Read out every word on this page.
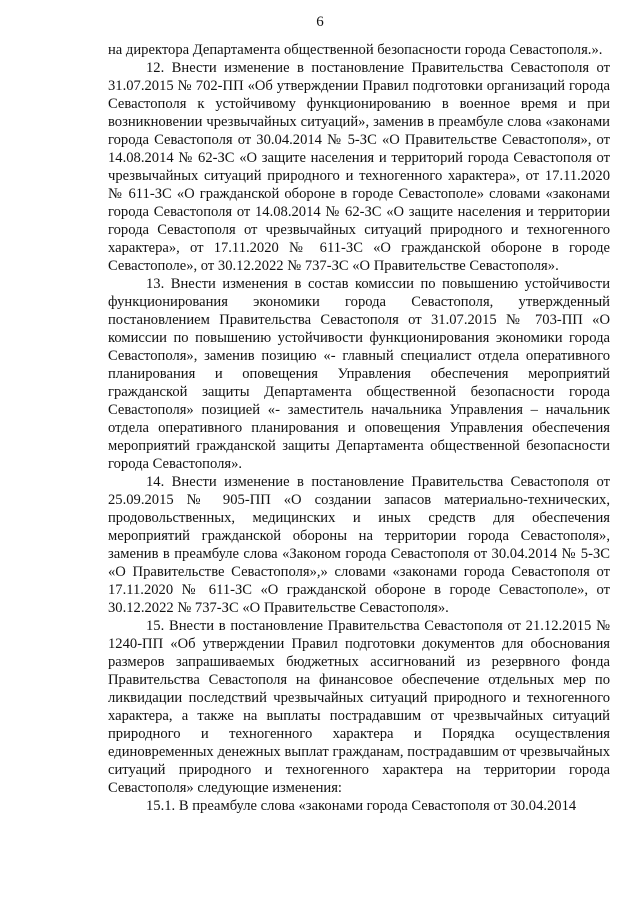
6

на директора Департамента общественной безопасности города Севастополя.».

12. Внести изменение в постановление Правительства Севастополя от 31.07.2015 № 702-ПП «Об утверждении Правил подготовки организаций города Севастополя к устойчивому функционированию в военное время и при возникновении чрезвычайных ситуаций», заменив в преамбуле слова «законами города Севастополя от 30.04.2014 № 5-ЗС «О Правительстве Севастополя», от 14.08.2014 № 62-ЗС «О защите населения и территорий города Севастополя от чрезвычайных ситуаций природного и техногенного характера», от 17.11.2020 № 611-ЗС «О гражданской обороне в городе Севастополе» словами «законами города Севастополя от 14.08.2014 № 62-ЗС «О защите населения и территории города Севастополя от чрезвычайных ситуаций природного и техногенного характера», от 17.11.2020 № 611-ЗС «О гражданской обороне в городе Севастополе», от 30.12.2022 № 737-ЗС «О Правительстве Севастополя».

13. Внести изменения в состав комиссии по повышению устойчивости функционирования экономики города Севастополя, утвержденный постановлением Правительства Севастополя от 31.07.2015 № 703-ПП «О комиссии по повышению устойчивости функционирования экономики города Севастополя», заменив позицию «- главный специалист отдела оперативного планирования и оповещения Управления обеспечения мероприятий гражданской защиты Департамента общественной безопасности города Севастополя» позицией «- заместитель начальника Управления – начальник отдела оперативного планирования и оповещения Управления обеспечения мероприятий гражданской защиты Департамента общественной безопасности города Севастополя».

14. Внести изменение в постановление Правительства Севастополя от 25.09.2015 № 905-ПП «О создании запасов материально-технических, продовольственных, медицинских и иных средств для обеспечения мероприятий гражданской обороны на территории города Севастополя», заменив в преамбуле слова «Законом города Севастополя от 30.04.2014 № 5-ЗС «О Правительстве Севастополя»,» словами «законами города Севастополя от 17.11.2020 № 611-ЗС «О гражданской обороне в городе Севастополе», от 30.12.2022 № 737-ЗС «О Правительстве Севастополя».

15. Внести в постановление Правительства Севастополя от 21.12.2015 № 1240-ПП «Об утверждении Правил подготовки документов для обоснования размеров запрашиваемых бюджетных ассигнований из резервного фонда Правительства Севастополя на финансовое обеспечение отдельных мер по ликвидации последствий чрезвычайных ситуаций природного и техногенного характера, а также на выплаты пострадавшим от чрезвычайных ситуаций природного и техногенного характера и Порядка осуществления единовременных денежных выплат гражданам, пострадавшим от чрезвычайных ситуаций природного и техногенного характера на территории города Севастополя» следующие изменения:

15.1. В преамбуле слова «законами города Севастополя от 30.04.2014
